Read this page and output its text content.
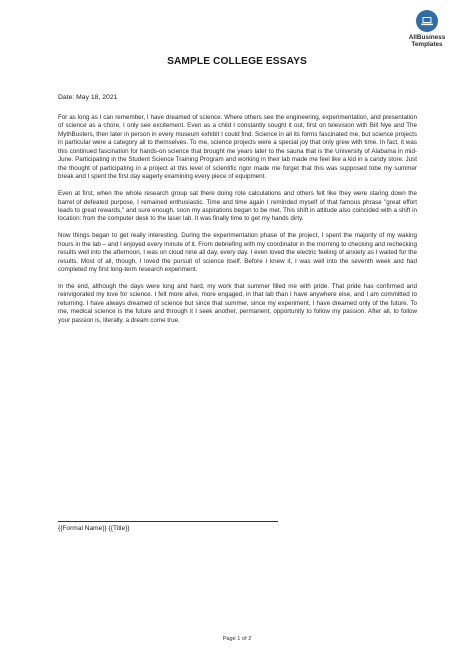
AllBusiness
Templates
SAMPLE COLLEGE ESSAYS
Date: May 18, 2021

For as long as I can remember, I have dreamed of science. Where others see the engineering, experimentation, and presentation of science as a chore, I only see excitement. Even as a child I constantly sought it out, first on television with Bill Nye and The MythBusters, then later in person in every museum exhibit I could find. Science in all its forms fascinated me, but science projects in particular were a category all to themselves. To me, science projects were a special joy that only grew with time. In fact, it was this continued fascination for hands-on science that brought me years later to the sauna that is the University of Alabama in mid-June. Participating in the Student Science Training Program and working in their lab made me feel like a kid in a candy store. Just the thought of participating in a project at this level of scientific rigor made me forget that this was supposed tobe my summer break and I spent the first day eagerly examining every piece of equipment.

Even at first, when the whole research group sat there doing rote calculations and others felt like they were staring down the barrel of defeated purpose, I remained enthusiastic. Time and time again I reminded myself of that famous phrase "great effort leads to great rewards," and sure enough, soon my aspirations began to be met. This shift in attitude also coincided with a shift in location: from the computer desk to the laser lab. It was finally time to get my hands dirty.

Now things began to get really interesting. During the experimentation phase of the project, I spent the majority of my waking hours in the lab – and I enjoyed every minute of it. From debriefing with my coordinator in the morning to checking and rechecking results well into the afternoon, I was on cloud nine all day, every day. I even loved the electric feeling of anxiety as I waited for the results. Most of all, though, I loved the pursuit of science itself. Before I knew it, I was well into the seventh week and had completed my first long-term research experiment.

In the end, although the days were long and hard, my work that summer filled me with pride. That pride has confirmed and reinvigorated my love for science. I felt more alive, more engaged, in that lab than I have anywhere else, and I am committed to returning. I have always dreamed of science but since that summer, since my experiment, I have dreamed only of the future. To me, medical science is the future and through it I seek another, permanent, opportunity to follow my passion. After all, to follow your passion is, literally, a dream come true.

{{Formal Name}} {{Title}}
Page 1 of 2
